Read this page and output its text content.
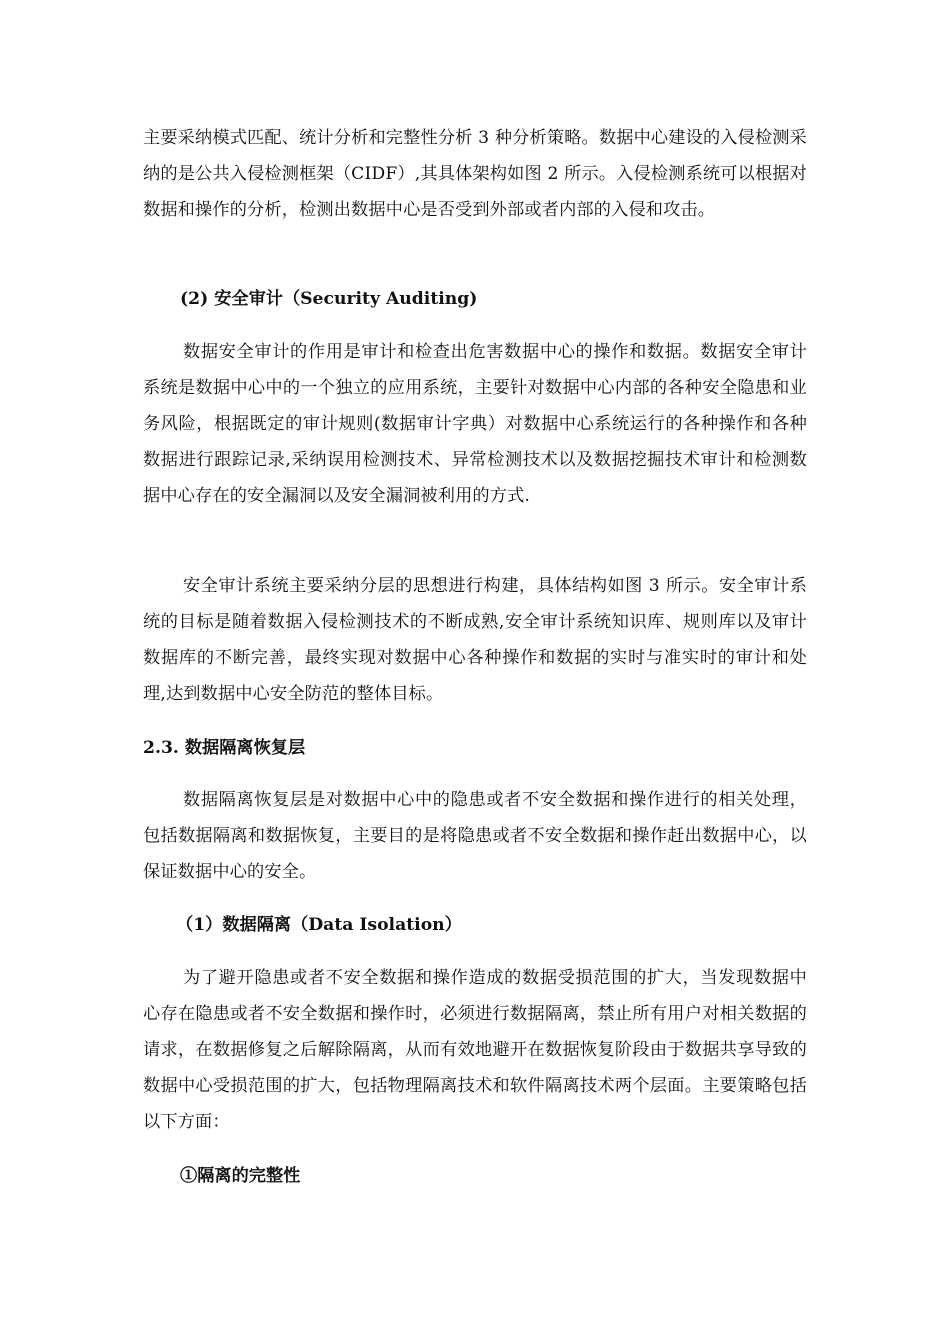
主要采纳模式匹配、统计分析和完整性分析 3 种分析策略。数据中心建设的入侵检测采纳的是公共入侵检测框架（CIDF）,其具体架构如图 2 所示。入侵检测系统可以根据对数据和操作的分析，检测出数据中心是否受到外部或者内部的入侵和攻击。

(2) 安全审计（Security Auditing)

数据安全审计的作用是审计和检查出危害数据中心的操作和数据。数据安全审计系统是数据中心中的一个独立的应用系统，主要针对数据中心内部的各种安全隐患和业务风险，根据既定的审计规则(数据审计字典）对数据中心系统运行的各种操作和各种数据进行跟踪记录,采纳误用检测技术、异常检测技术以及数据挖掘技术审计和检测数据中心存在的安全漏洞以及安全漏洞被利用的方式.

安全审计系统主要采纳分层的思想进行构建，具体结构如图 3 所示。安全审计系统的目标是随着数据入侵检测技术的不断成熟,安全审计系统知识库、规则库以及审计数据库的不断完善，最终实现对数据中心各种操作和数据的实时与准实时的审计和处理,达到数据中心安全防范的整体目标。

2.3. 数据隔离恢复层

数据隔离恢复层是对数据中心中的隐患或者不安全数据和操作进行的相关处理，包括数据隔离和数据恢复，主要目的是将隐患或者不安全数据和操作赶出数据中心，以保证数据中心的安全。

（1）数据隔离（Data Isolation）

为了避开隐患或者不安全数据和操作造成的数据受损范围的扩大，当发现数据中心存在隐患或者不安全数据和操作时，必须进行数据隔离，禁止所有用户对相关数据的请求，在数据修复之后解除隔离，从而有效地避开在数据恢复阶段由于数据共享导致的数据中心受损范围的扩大，包括物理隔离技术和软件隔离技术两个层面。主要策略包括以下方面：

①隔离的完整性
